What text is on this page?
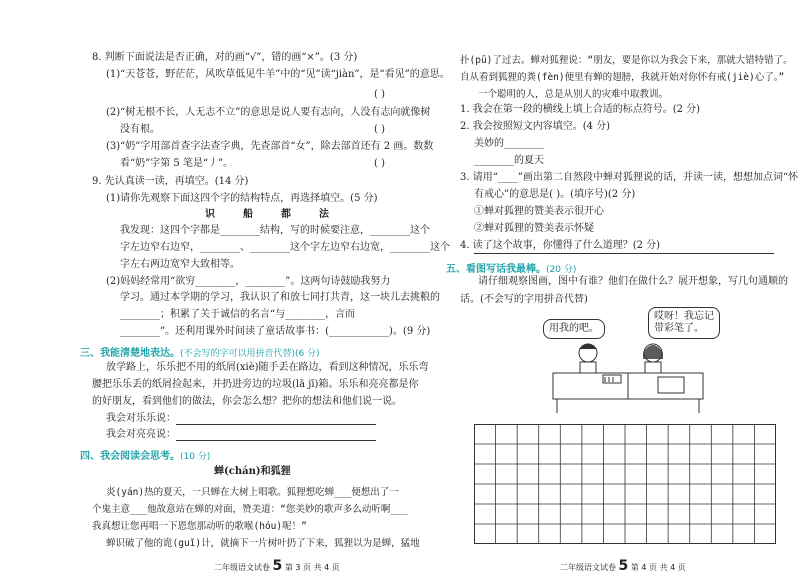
8. 判断下面说法是否正确，对的画“√”，错的画“×”。(3 分)
(1)“天苍苍，野茫茫，风吹草低见牛羊”中的“见”读“jiàn”，是“看见”的意思。
( )
(2)“树无根不长，人无志不立”的意思是说人要有志向，人没有志向就像树
没有根。	( )
(3)“奶”字用部首查字法查字典，先查部首“女”，除去部首还有 2 画。数数
看“奶”字第 5 笔是“丿”。	( )
9. 先认真读一读，再填空。(14 分)
(1)请你先观察下面这四个字的结构特点，再选择填空。(5 分)
识	船	都	法
我发现：这四个字都是________结构，写的时候要注意，________这个
字左边窄右边窄，________、________这个字左边窄右边宽，________这个
字左右两边宽窄大致相等。
(2)妈妈经常用“欲穷________，________”。这两句诗鼓励我努力
学习。通过本学期的学习，我认识了和放七同打共青，这一块儿去挑粮的
________；积累了关于诚信的名言“与________，言而
________”。还利用课外时间读了童话故事书：(____________)。(9 分)
三、我能清楚地表达。(不会写的字可以用拼音代替)(6 分)
放学路上，乐乐把不用的纸屑(xiè)随手丢在路边，看到这种情况，乐乐弯
腰把乐乐丢的纸屑捡起来，并扔进旁边的垃圾(lā jī)箱。乐乐和亮亮都是你
的好朋友，看到他们的做法，你会怎么想？把你的想法和他们说一说。
我会对乐乐说：
我会对亮亮说：
四、我会阅读会思考。(10 分)
蝉(chán)和狐狸
炎(yán)热的夏天，一只蝉在大树上唱歌。狐狸想吃蝉___便想出了一
个鬼主意___他故意站在蝉的对面，赞美道：“您美妙的歌声多么动听啊___
我真想让您再唱一下恩您那动听的歌喉(hóu)呢！”
蝉识破了他的诡(guǐ)计，就摘下一片树叶扔了下来，狐狸以为是蝉，猛地
二年级语文试卷 5 第 3 页 共 4 页
扑(pū)了过去。蝉对狐狸说：“朋友，要是你以为我会下来，那就大错特错了。
自从看到狐狸的粪(fèn)便里有蝉的翅膀，我就开始对你怀有戒(jiè)心了。”
一个聪明的人，总是从别人的灾难中取教训。
1. 我会在第一段的横线上填上合适的标点符号。(2 分)
2. 我会按照短文内容填空。(4 分)
美妙的________
________的夏天
3. 请用“____”画出第二自然段中蝉对狐狸说的话，并读一读，想想加点词“怀
有戒心”的意思是( )。(填序号)(2 分)
①蝉对狐狸的赞美表示很开心
②蝉对狐狸的赞美表示怀疑
4. 读了这个故事，你懂得了什么道理？(2 分)
五、看图写话我最棒。(20 分)
请仔细观察图画，图中有谁？他们在做什么？展开想象，写几句通顺的
话。(不会写的字用拼音代替)
用我的吧。
哎呀！我忘记
带彩笔了。
二年级语文试卷 5 第 4 页 共 4 页
